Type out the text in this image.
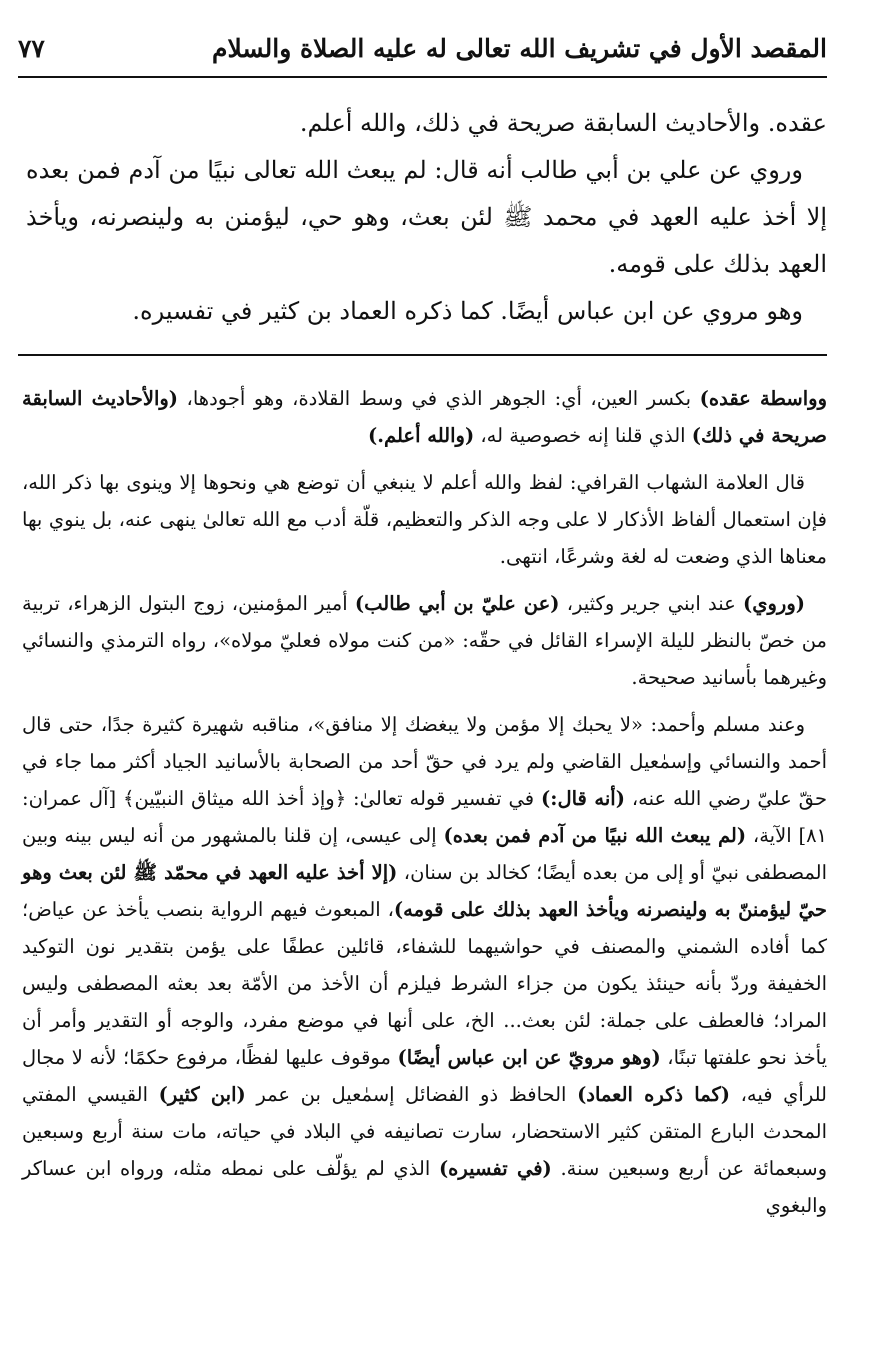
المقصد الأول في تشريف الله تعالى له عليه الصلاة والسلام
٧٧

عقده. والأحاديث السابقة صريحة في ذلك، والله أعلم.

وروي عن علي بن أبي طالب أنه قال: لم يبعث الله تعالى نبيًا من آدم فمن بعده إلا أخذ عليه العهد في محمد ﷺ لئن بعث، وهو حي، ليؤمنن به ولينصرنه، ويأخذ العهد بذلك على قومه.

وهو مروي عن ابن عباس أيضًا. كما ذكره العماد بن كثير في تفسيره.

وواسطة عقده) بكسر العين، أي: الجوهر الذي في وسط القلادة، وهو أجودها، (والأحاديث السابقة صريحة في ذلك) الذي قلنا إنه خصوصية له، (والله أعلم.)

قال العلامة الشهاب القرافي: لفظ والله أعلم لا ينبغي أن توضع هي ونحوها إلا وينوى بها ذكر الله، فإن استعمال ألفاظ الأذكار لا على وجه الذكر والتعظيم، قلّة أدب مع الله تعالىٰ ينهى عنه، بل ينوي بها معناها الذي وضعت له لغة وشرعًا، انتهى.

(وروي) عند ابني جرير وكثير، (عن عليّ بن أبي طالب) أمير المؤمنين، زوج البتول الزهراء، تربية من خصّ بالنظر لليلة الإسراء القائل في حقّه: «من كنت مولاه فعليّ مولاه»، رواه الترمذي والنسائي وغيرهما بأسانيد صحيحة.

وعند مسلم وأحمد: «لا يحبك إلا مؤمن ولا يبغضك إلا منافق»، مناقبه شهيرة كثيرة جدًا، حتى قال أحمد والنسائي وإسمٰعيل القاضي ولم يرد في حقّ أحد من الصحابة بالأسانيد الجياد أكثر مما جاء في حقّ عليّ رضي الله عنه، (أنه قال:) في تفسير قوله تعالىٰ: ﴿وإذ أخذ الله ميثاق النبيّين﴾ [آل عمران: ٨١] الآية، (لم يبعث الله نبيًا من آدم فمن بعده) إلى عيسى، إن قلنا بالمشهور من أنه ليس بينه وبين المصطفى نبيّ أو إلى من بعده أيضًا؛ كخالد بن سنان، (إلا أخذ عليه العهد في محمّد ﷺ لئن بعث وهو حيّ ليؤمننّ به ولينصرنه ويأخذ العهد بذلك على قومه)، المبعوث فيهم الرواية بنصب يأخذ عن عياض؛ كما أفاده الشمني والمصنف في حواشيهما للشفاء، قائلين عطفًا على يؤمن بتقدير نون التوكيد الخفيفة وردّ بأنه حينئذ يكون من جزاء الشرط فيلزم أن الأخذ من الأمّة بعد بعثه المصطفى وليس المراد؛ فالعطف على جملة: لئن بعث... الخ، على أنها في موضع مفرد، والوجه أو التقدير وأمر أن يأخذ نحو علفتها تبنًا، (وهو مرويّ عن ابن عباس أيضًا) موقوف عليها لفظًا، مرفوع حكمًا؛ لأنه لا مجال للرأي فيه، (كما ذكره العماد) الحافظ ذو الفضائل إسمٰعيل بن عمر (ابن كثير) القيسي المفتي المحدث البارع المتقن كثير الاستحضار، سارت تصانيفه في البلاد في حياته، مات سنة أربع وسبعين وسبعمائة عن أربع وسبعين سنة. (في تفسيره) الذي لم يؤلّف على نمطه مثله، ورواه ابن عساكر والبغوي
